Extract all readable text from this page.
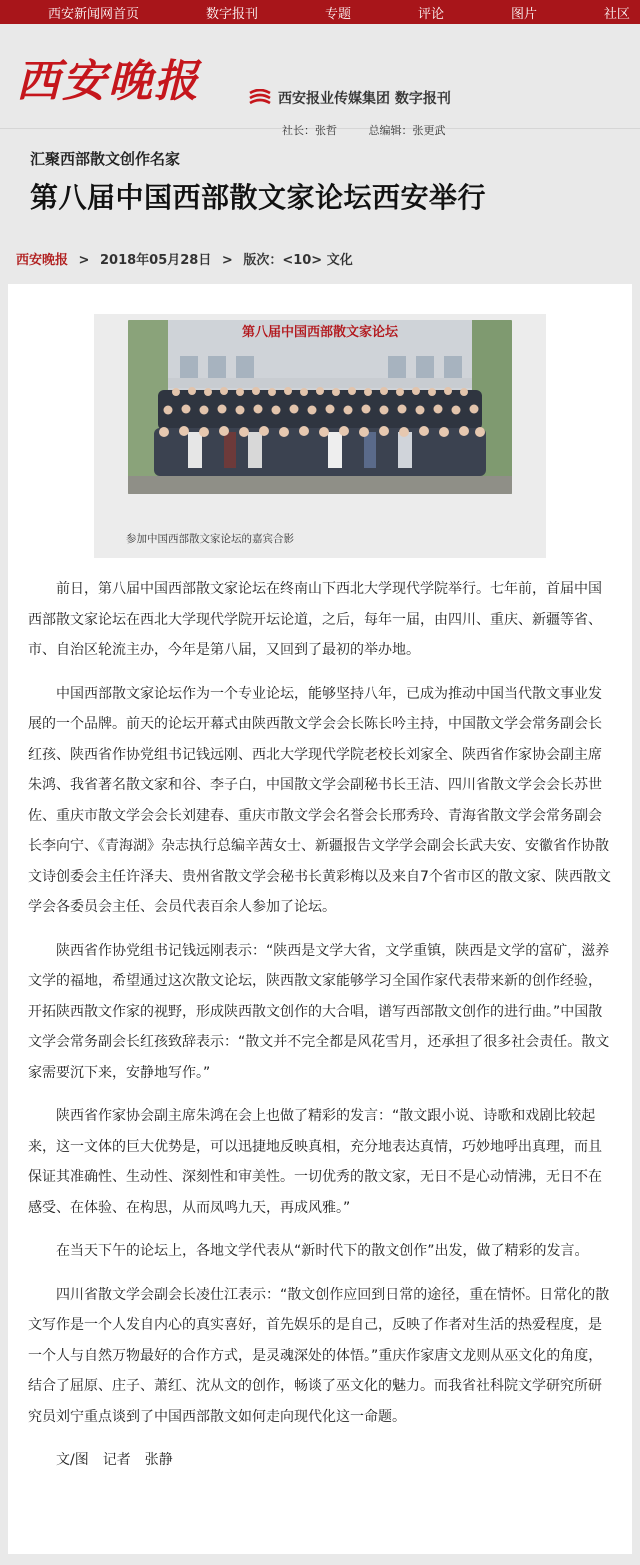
西安新闻网首页	数字报刊	专题	评论	图片	社区
西安晚报	西安报业传媒集团 数字报刊
社长：张哲	总编辑：张更武
汇聚西部散文创作名家
第八届中国西部散文家论坛西安举行
西安晚报 > 2018年05月28日 > 版次：<10> 文化
第八届中国西部散文家论坛
参加中国西部散文家论坛的嘉宾合影

前日，第八届中国西部散文家论坛在终南山下西北大学现代学院举行。七年前，首届中国西部散文家论坛在西北大学现代学院开坛论道，之后，每年一届，由四川、重庆、新疆等省、市、自治区轮流主办，今年是第八届，又回到了最初的举办地。

中国西部散文家论坛作为一个专业论坛，能够坚持八年，已成为推动中国当代散文事业发展的一个品牌。前天的论坛开幕式由陕西散文学会会长陈长吟主持，中国散文学会常务副会长红孩、陕西省作协党组书记钱远刚、西北大学现代学院老校长刘家全、陕西省作家协会副主席朱鸿、我省著名散文家和谷、李子白，中国散文学会副秘书长王洁、四川省散文学会会长苏世佐、重庆市散文学会会长刘建春、重庆市散文学会名誉会长邢秀玲、青海省散文学会常务副会长李向宁、《青海湖》杂志执行总编辛茜女士、新疆报告文学学会副会长武夫安、安徽省作协散文诗创委会主任许泽夫、贵州省散文学会秘书长黄彩梅以及来自7个省市区的散文家、陕西散文学会各委员会主任、会员代表百余人参加了论坛。

陕西省作协党组书记钱远刚表示：“陕西是文学大省，文学重镇，陕西是文学的富矿，滋养文学的福地，希望通过这次散文论坛，陕西散文家能够学习全国作家代表带来新的创作经验，开拓陕西散文作家的视野，形成陕西散文创作的大合唱，谱写西部散文创作的进行曲。”中国散文学会常务副会长红孩致辞表示：“散文并不完全都是风花雪月，还承担了很多社会责任。散文家需要沉下来，安静地写作。”

陕西省作家协会副主席朱鸿在会上也做了精彩的发言：“散文跟小说、诗歌和戏剧比较起来，这一文体的巨大优势是，可以迅捷地反映真相，充分地表达真情，巧妙地呼出真理，而且保证其准确性、生动性、深刻性和审美性。一切优秀的散文家，无日不是心动情沸，无日不在感受、在体验、在构思，从而凤鸣九天，再成风雅。”

在当天下午的论坛上，各地文学代表从“新时代下的散文创作”出发，做了精彩的发言。

四川省散文学会副会长凌仕江表示：“散文创作应回到日常的途径，重在情怀。日常化的散文写作是一个人发自内心的真实喜好，首先娱乐的是自己，反映了作者对生活的热爱程度，是一个人与自然万物最好的合作方式，是灵魂深处的体悟。”重庆作家唐文龙则从巫文化的角度，结合了屈原、庄子、萧红、沈从文的创作，畅谈了巫文化的魅力。而我省社科院文学研究所研究员刘宁重点谈到了中国西部散文如何走向现代化这一命题。

文/图　记者　张静
